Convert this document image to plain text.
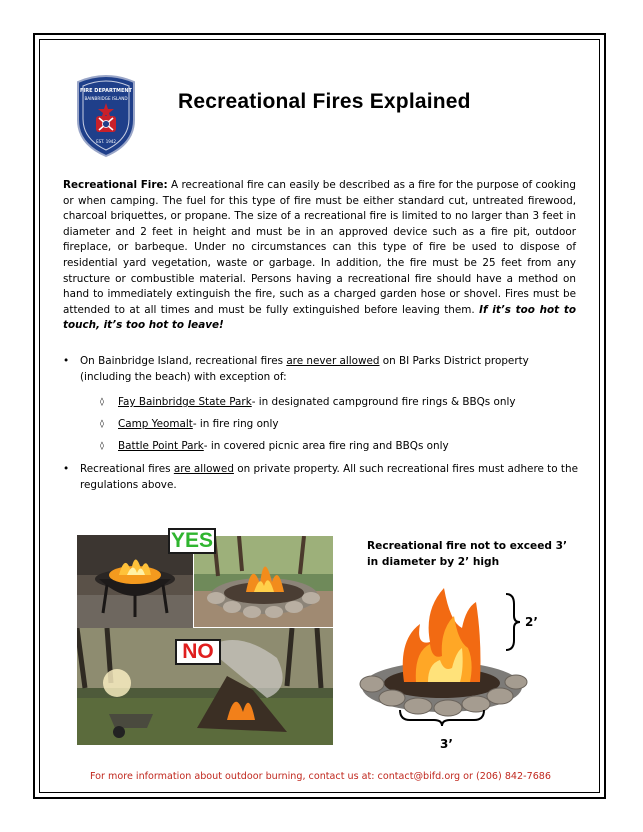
FIRE DEPARTMENT
BAINBRIDGE ISLAND
EST. 1942
Recreational Fires Explained
Recreational Fire: A recreational fire can easily be described as a fire for the purpose of cooking or when camping. The fuel for this type of fire must be either standard cut, untreated firewood, charcoal briquettes, or propane. The size of a recreational fire is limited to no larger than 3 feet in diameter and 2 feet in height and must be in an approved device such as a fire pit, outdoor fireplace, or barbeque. Under no circumstances can this type of fire be used to dispose of residential yard vegetation, waste or garbage. In addition, the fire must be 25 feet from any structure or combustible material. Persons having a recreational fire should have a method on hand to immediately extinguish the fire, such as a charged garden hose or shovel. Fires must be attended to at all times and must be fully extinguished before leaving them. If it’s too hot to touch, it’s too hot to leave!
• On Bainbridge Island, recreational fires are never allowed on BI Parks District property (including the beach) with exception of:
◊ Fay Bainbridge State Park- in designated campground fire rings & BBQs only
◊ Camp Yeomalt- in fire ring only
◊ Battle Point Park- in covered picnic area fire ring and BBQs only
• Recreational fires are allowed on private property. All such recreational fires must adhere to the regulations above.
YES
NO
Recreational fire not to exceed 3’ in diameter by 2’ high
2’
3’
For more information about outdoor burning, contact us at: contact@bifd.org or (206) 842-7686
